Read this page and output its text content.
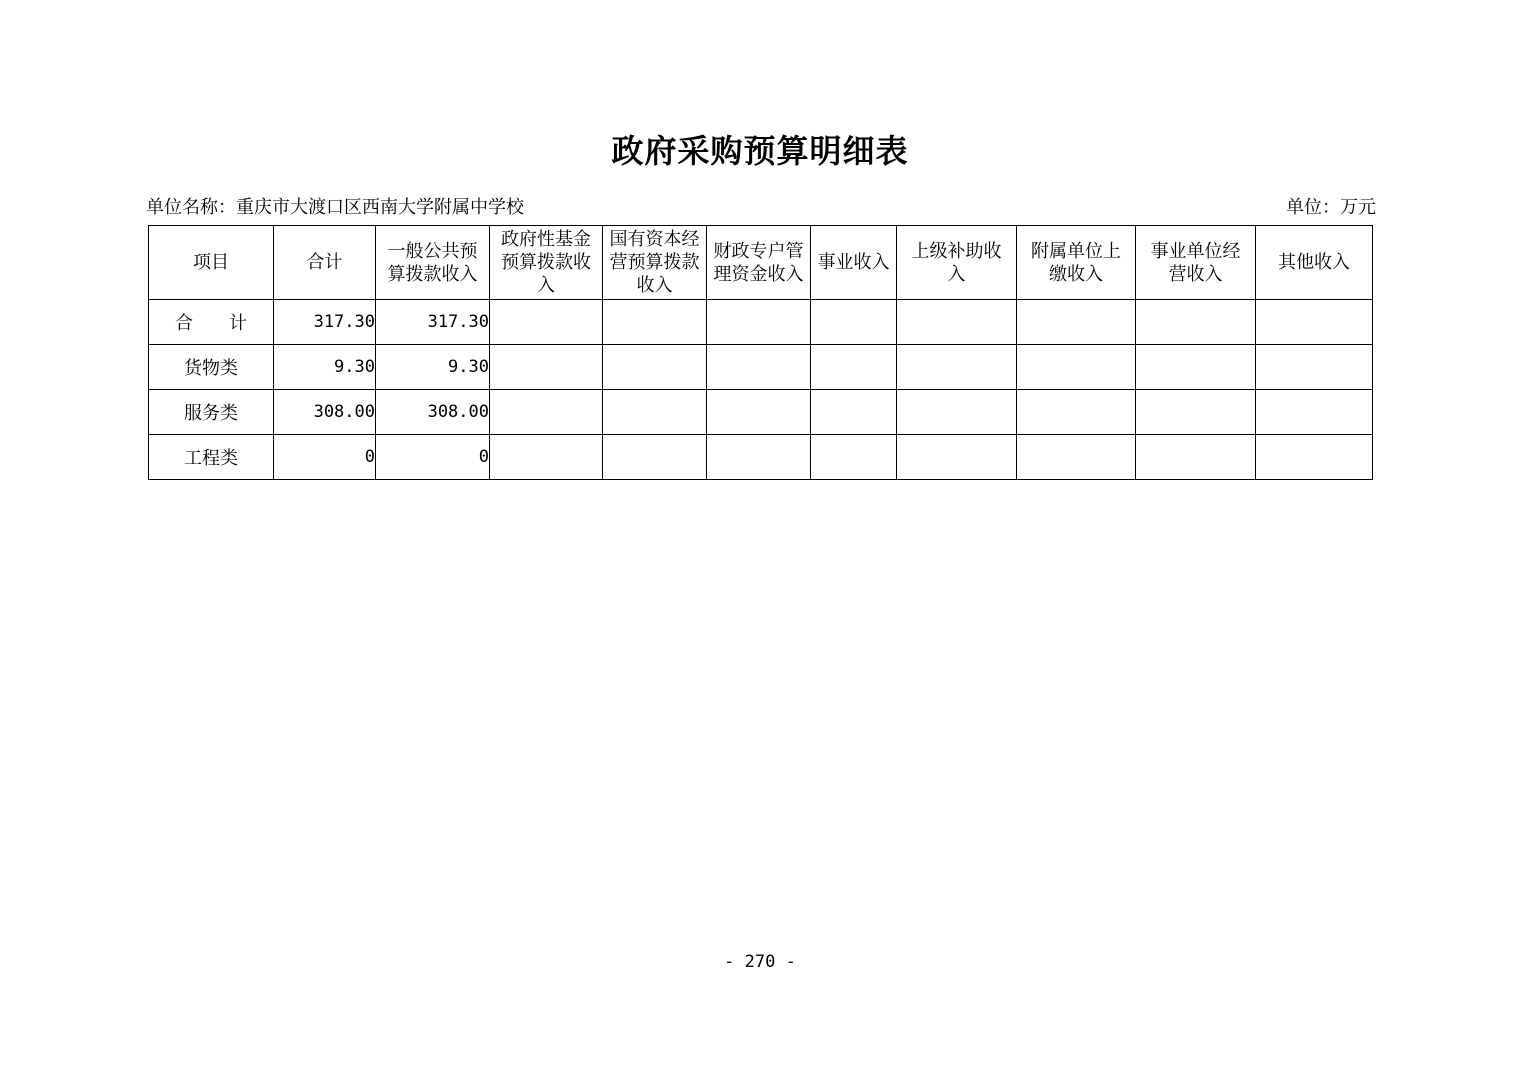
政府采购预算明细表
单位名称：重庆市大渡口区西南大学附属中学校	单位：万元
项目	合计	一般公共预算拨款收入	政府性基金预算拨款收入	国有资本经营预算拨款收入	财政专户管理资金收入	事业收入	上级补助收入	附属单位上缴收入	事业单位经营收入	其他收入
合　　计	317.30	317.30								
货物类	9.30	9.30								
服务类	308.00	308.00								
工程类	0	0								
- 270 -
